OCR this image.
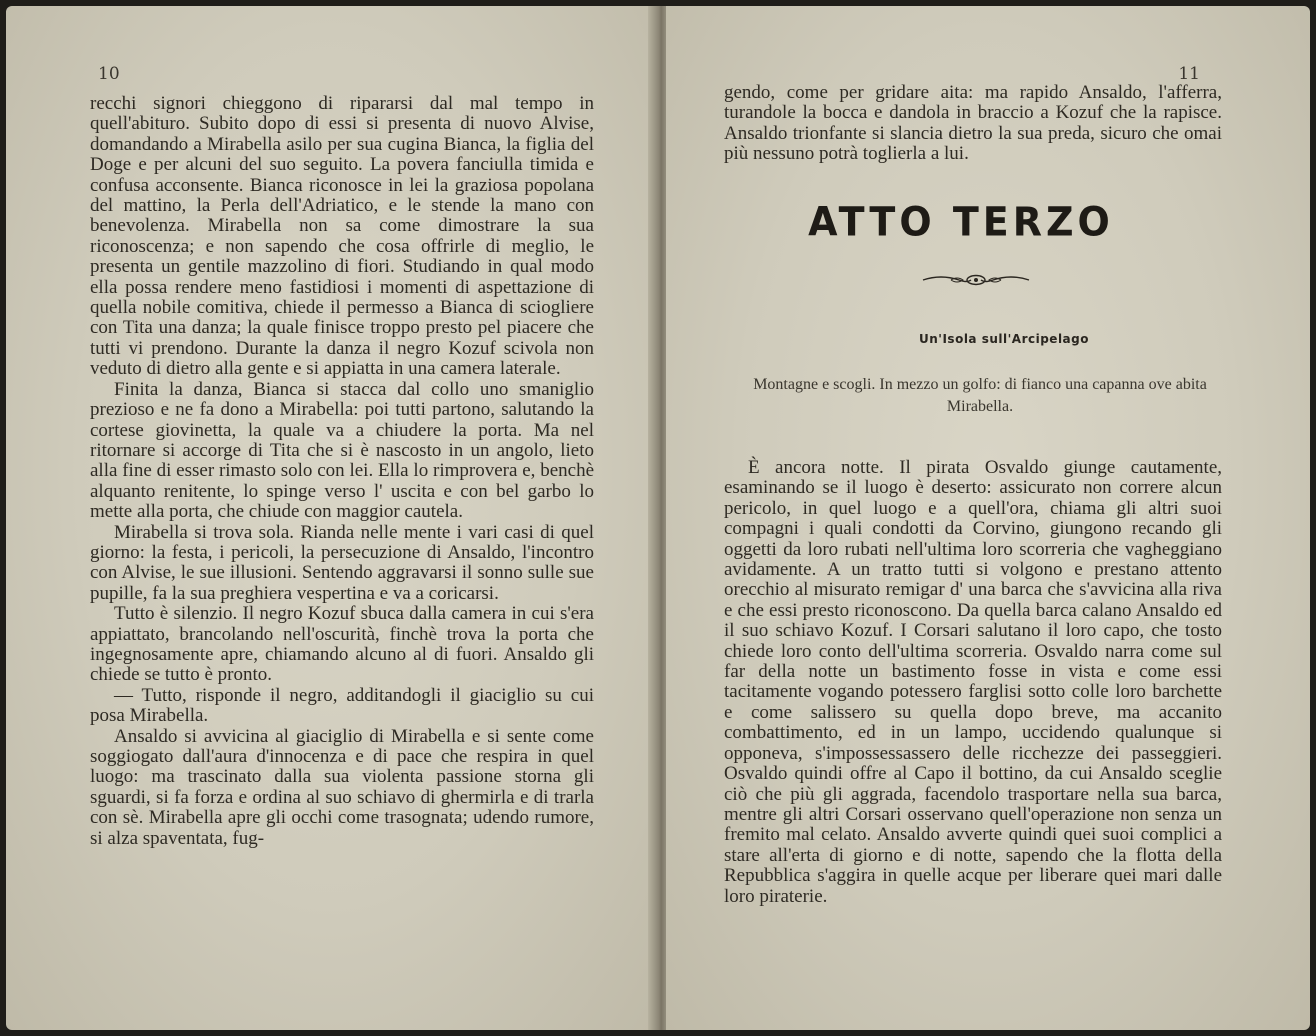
10

recchi signori chieggono di ripararsi dal mal tempo in quell'abituro. Subito dopo di essi si presenta di nuovo Alvise, domandando a Mirabella asilo per sua cugina Bianca, la figlia del Doge e per alcuni del suo seguito. La povera fanciulla timida e confusa acconsente. Bianca riconosce in lei la graziosa popolana del mattino, la Perla dell'Adriatico, e le stende la mano con benevolenza. Mirabella non sa come dimostrare la sua riconoscenza; e non sapendo che cosa offrirle di meglio, le presenta un gentile mazzolino di fiori. Studiando in qual modo ella possa rendere meno fastidiosi i momenti di aspettazione di quella nobile comitiva, chiede il permesso a Bianca di sciogliere con Tita una danza; la quale finisce troppo presto pel piacere che tutti vi prendono. Durante la danza il negro Kozuf scivola non veduto di dietro alla gente e si appiatta in una camera laterale.

Finita la danza, Bianca si stacca dal collo uno smaniglio prezioso e ne fa dono a Mirabella: poi tutti partono, salutando la cortese giovinetta, la quale va a chiudere la porta. Ma nel ritornare si accorge di Tita che si è nascosto in un angolo, lieto alla fine di esser rimasto solo con lei. Ella lo rimprovera e, benchè alquanto renitente, lo spinge verso l' uscita e con bel garbo lo mette alla porta, che chiude con maggior cautela.

Mirabella si trova sola. Rianda nelle mente i vari casi di quel giorno: la festa, i pericoli, la persecuzione di Ansaldo, l'incontro con Alvise, le sue illusioni. Sentendo aggravarsi il sonno sulle sue pupille, fa la sua preghiera vespertina e va a coricarsi.

Tutto è silenzio. Il negro Kozuf sbuca dalla camera in cui s'era appiattato, brancolando nell'oscurità, finchè trova la porta che ingegnosamente apre, chiamando alcuno al di fuori. Ansaldo gli chiede se tutto è pronto.

— Tutto, risponde il negro, additandogli il giaciglio su cui posa Mirabella.

Ansaldo si avvicina al giaciglio di Mirabella e si sente come soggiogato dall'aura d'innocenza e di pace che respira in quel luogo: ma trascinato dalla sua violenta passione storna gli sguardi, si fa forza e ordina al suo schiavo di ghermirla e di trarla con sè. Mirabella apre gli occhi come trasognata; udendo rumore, si alza spaventata, fug-

11

gendo, come per gridare aita: ma rapido Ansaldo, l'afferra, turandole la bocca e dandola in braccio a Kozuf che la rapisce. Ansaldo trionfante si slancia dietro la sua preda, sicuro che omai più nessuno potrà toglierla a lui.

ATTO TERZO
Un'Isola sull'Arcipelago
Montagne e scogli. In mezzo un golfo: di fianco una capanna ove abita Mirabella.

È ancora notte. Il pirata Osvaldo giunge cautamente, esaminando se il luogo è deserto: assicurato non correre alcun pericolo, in quel luogo e a quell'ora, chiama gli altri suoi compagni i quali condotti da Corvino, giungono recando gli oggetti da loro rubati nell'ultima loro scorreria che vagheggiano avidamente. A un tratto tutti si volgono e prestano attento orecchio al misurato remigar d' una barca che s'avvicina alla riva e che essi presto riconoscono. Da quella barca calano Ansaldo ed il suo schiavo Kozuf. I Corsari salutano il loro capo, che tosto chiede loro conto dell'ultima scorreria. Osvaldo narra come sul far della notte un bastimento fosse in vista e come essi tacitamente vogando potessero farglisi sotto colle loro barchette e come salissero su quella dopo breve, ma accanito combattimento, ed in un lampo, uccidendo qualunque si opponeva, s'impossessassero delle ricchezze dei passeggieri. Osvaldo quindi offre al Capo il bottino, da cui Ansaldo sceglie ciò che più gli aggrada, facendolo trasportare nella sua barca, mentre gli altri Corsari osservano quell'operazione non senza un fremito mal celato. Ansaldo avverte quindi quei suoi complici a stare all'erta di giorno e di notte, sapendo che la flotta della Repubblica s'aggira in quelle acque per liberare quei mari dalle loro piraterie.
